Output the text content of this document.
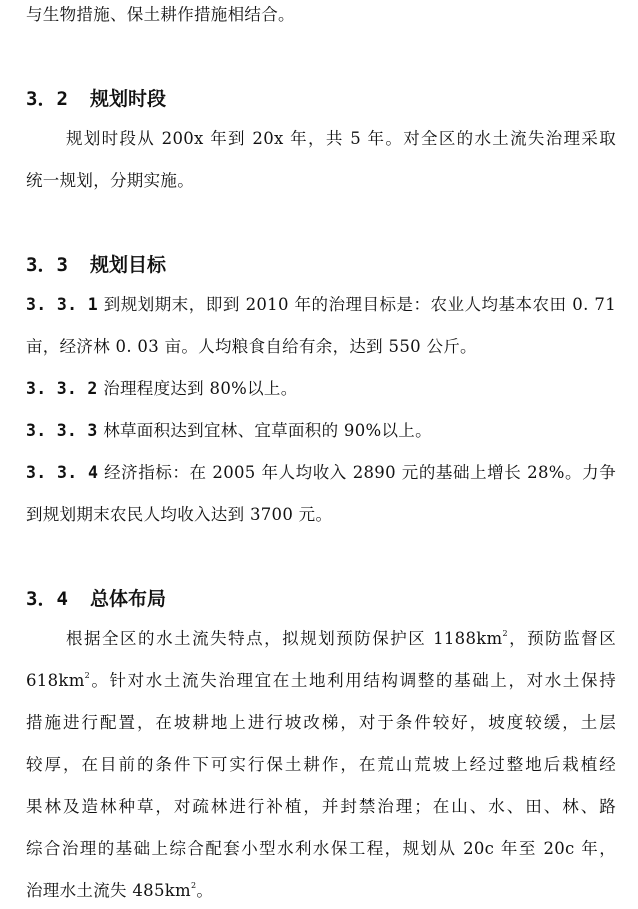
与生物措施、保土耕作措施相结合。
3．2 规划时段
规划时段从 200x 年到 20x 年，共 5 年。对全区的水土流失治理采取
统一规划，分期实施。
3．3 规划目标
3. 3. 1 到规划期末，即到 2010 年的治理目标是：农业人均基本农田 0. 71
亩，经济林 0. 03 亩。人均粮食自给有余，达到 550 公斤。
3. 3. 2 治理程度达到 80%以上。
3. 3. 3 林草面积达到宜林、宜草面积的 90%以上。
3. 3. 4 经济指标：在 2005 年人均收入 2890 元的基础上增长 28%。力争
到规划期末农民人均收入达到 3700 元。
3．4 总体布局
根据全区的水土流失特点，拟规划预防保护区 $1188km^2$，预防监督区
$618km^2$。针对水土流失治理宜在土地利用结构调整的基础上，对水土保持
措施进行配置，在坡耕地上进行坡改梯，对于条件较好，坡度较缓，土层
较厚，在目前的条件下可实行保土耕作，在荒山荒坡上经过整地后栽植经
果林及造林种草，对疏林进行补植，并封禁治理；在山、水、田、林、路
综合治理的基础上综合配套小型水利水保工程，规划从 20c 年至 20c 年，
治理水土流失 $485km^2$。
